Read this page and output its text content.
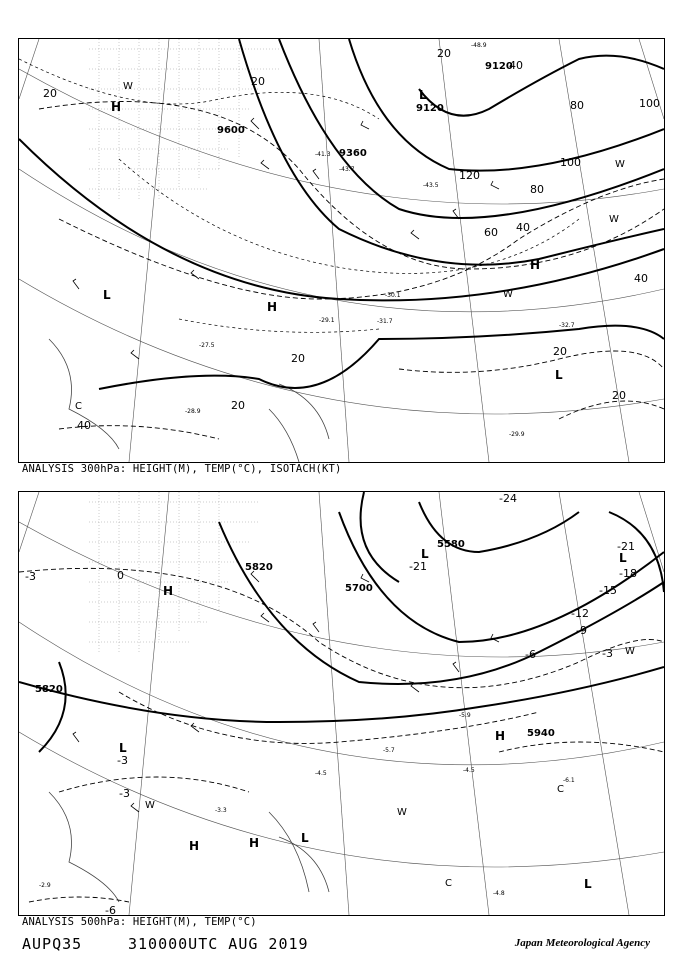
9120
9120
9600
9360
20
20
20
20
20
20
20
40
40
40
40
60
80
80
100
100
120
H
H
H
L
L
L
W
W
W
W
C
-29.9
-32.7
-31.7
-30.1
-43.5
-43.7
-48.9
-41.3
-27.5
-28.9
-29.1
ANALYSIS 300hPa: HEIGHT(M), TEMP(°C), ISOTACH(KT)
5820
5700
5580
5820
5940
-24
-21
-21
-18
-15
-12
-9
-6
-6
-3
-3
-3
-3	0
H
H	H
H
L	L
L
L
L
W
W
W
C
C
-4.5
-4.8
-5.7
-4.5
-5.9
-6.1
-3.3
-2.9
ANALYSIS 500hPa: HEIGHT(M), TEMP(°C)
AUPQ35	310000UTC AUG 2019	Japan Meteorological Agency
